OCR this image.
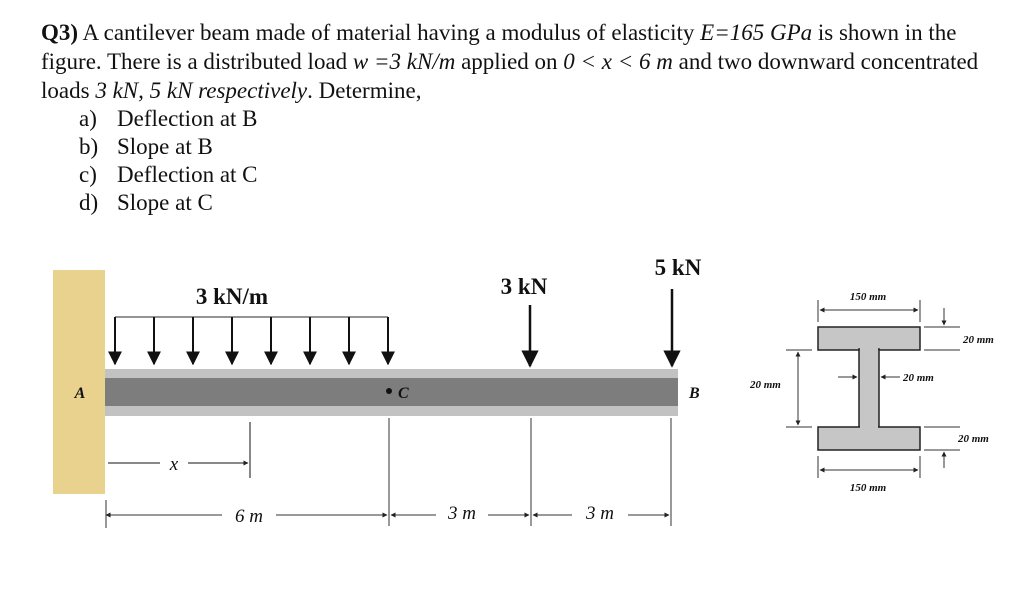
Q3) A cantilever beam made of material having a modulus of elasticity E=165 GPa is shown in the figure. There is a distributed load w =3 kN/m applied on 0 < x < 6 m and two downward concentrated loads 3 kN, 5 kN respectively. Determine,

a) Deflection at B
b) Slope at B
c) Deflection at C
d) Slope at C
A
3 kN/m
C
3 kN
5 kN
B
x
6 m	3 m	3 m
150 mm
150 mm
20 mm
20 mm
20 mm
20 mm
